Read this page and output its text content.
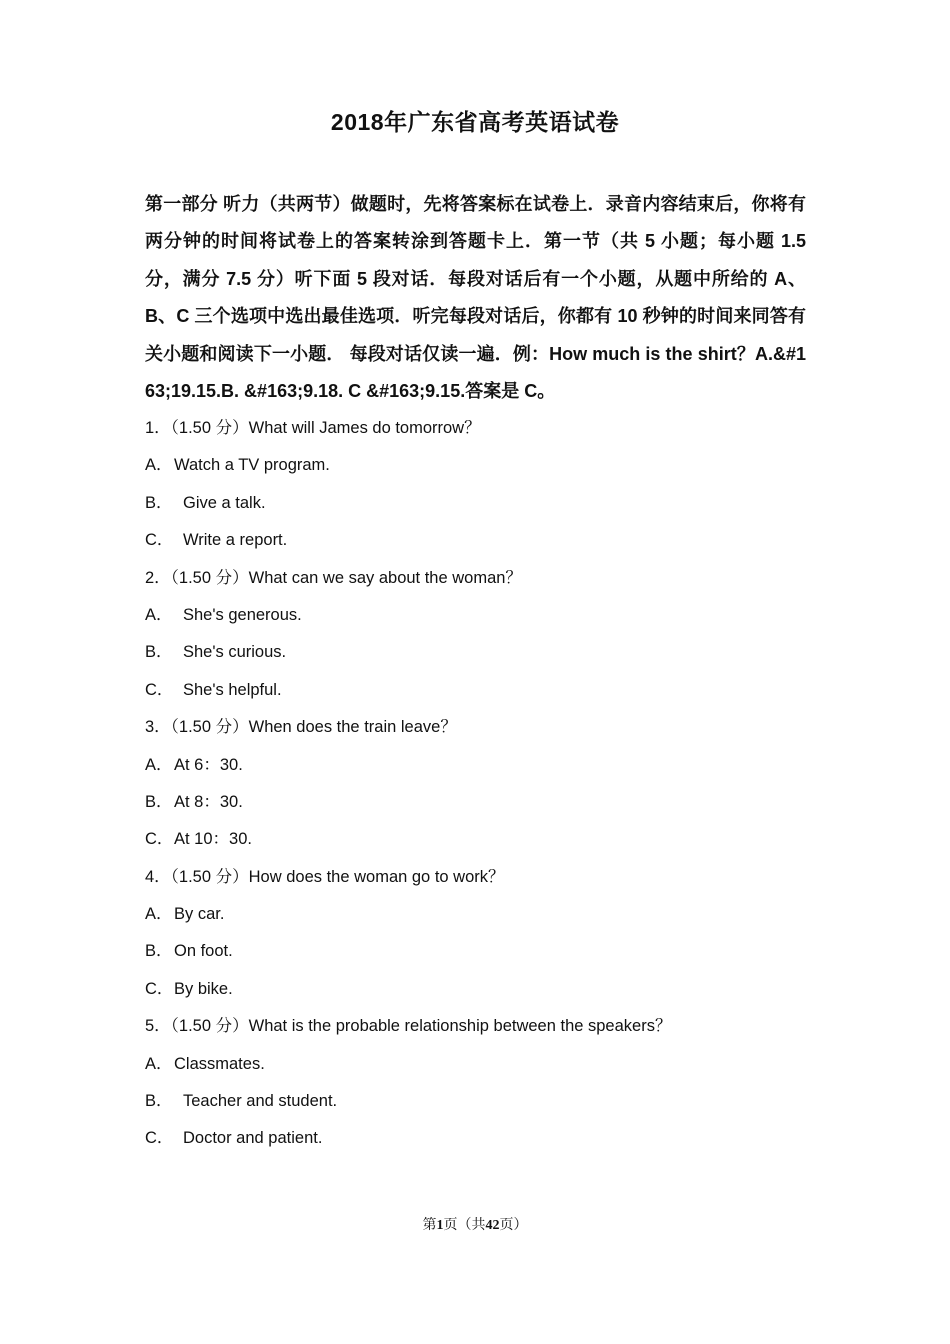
2018年广东省高考英语试卷
第一部分 听力（共两节）做题时，先将答案标在试卷上．录音内容结束后，你将有两分钟的时间将试卷上的答案转涂到答题卡上．第一节（共 5 小题；每小题 1.5 分，满分 7.5 分）听下面 5 段对话．每段对话后有一个小题，从题中所给的 A、B、C 三个选项中选出最佳选项．听完每段对话后，你都有 10 秒钟的时间来同答有关小题和阅读下一小题． 每段对话仅读一遍．例：How much is the shirt？A.&#163;19.15.B. &#163;9.18. C &#163;9.15.答案是 C。
1．（1.50 分）What will James do tomorrow？
A．Watch a TV program.
B． Give a talk.
C． Write a report.
2．（1.50 分）What can we say about the woman？
A． She's generous.
B． She's curious.
C． She's helpful.
3．（1.50 分）When does the train leave？
A．At 6：30.
B．At 8：30.
C．At 10：30.
4．（1.50 分）How does the woman go to work？
A．By car.
B．On foot.
C．By bike.
5．（1.50 分）What is the probable relationship between the speakers？
A．Classmates.
B． Teacher and student.
C． Doctor and patient.
第1页（共42页）
